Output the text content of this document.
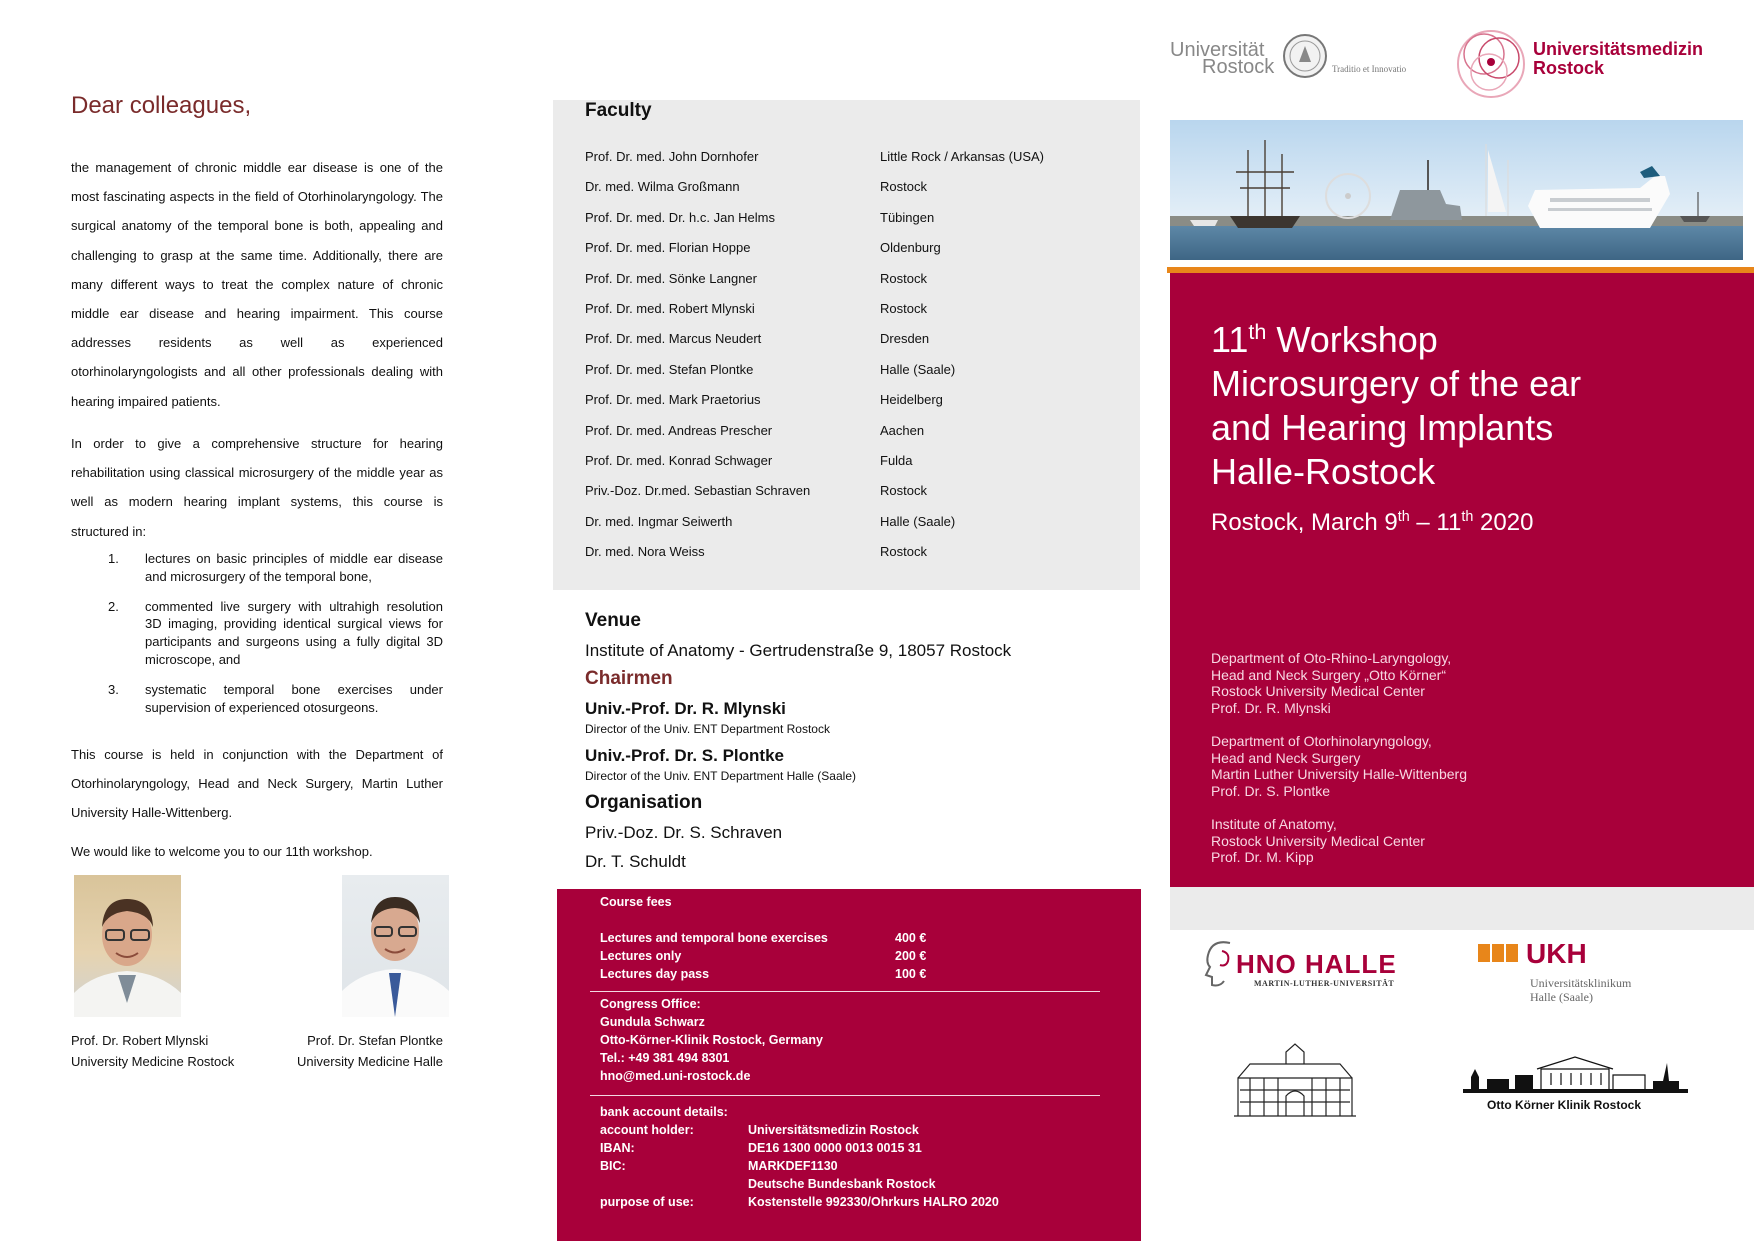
Dear colleagues,
the management of chronic middle ear disease is one of the most fascinating aspects in the field of Otorhinolaryngology. The surgical anatomy of the temporal bone is both, appealing and challenging to grasp at the same time. Additionally, there are many different ways to treat the complex nature of chronic middle ear disease and hearing impairment. This course addresses residents as well as experienced otorhinolaryngologists and all other professionals dealing with hearing impaired patients.
In order to give a comprehensive structure for hearing rehabilitation using classical microsurgery of the middle year as well as modern hearing implant systems, this course is structured in:
1.	lectures on basic principles of middle ear disease and microsurgery of the temporal bone,
2.	commented live surgery with ultrahigh resolution 3D imaging, providing identical surgical views for participants and surgeons using a fully digital 3D microscope, and
3.	systematic temporal bone exercises under supervision of experienced otosurgeons.
This course is held in conjunction with the Department of Otorhinolaryngology, Head and Neck Surgery, Martin Luther University Halle-Wittenberg.
We would like to welcome you to our 11th workshop.
Prof. Dr. Robert Mlynski
University Medicine Rostock
Prof. Dr. Stefan Plontke
University Medicine Halle
Faculty
Prof. Dr. med. John Dornhofer	Little Rock / Arkansas (USA)
Dr. med. Wilma Großmann	Rostock
Prof. Dr. med. Dr. h.c. Jan Helms	Tübingen
Prof. Dr. med. Florian Hoppe	Oldenburg
Prof. Dr. med. Sönke Langner	Rostock
Prof. Dr. med. Robert Mlynski	Rostock
Prof. Dr. med. Marcus Neudert	Dresden
Prof. Dr. med. Stefan Plontke	Halle (Saale)
Prof. Dr. med. Mark Praetorius	Heidelberg
Prof. Dr. med. Andreas Prescher	Aachen
Prof. Dr. med. Konrad Schwager	Fulda
Priv.-Doz. Dr.med. Sebastian Schraven	Rostock
Dr. med. Ingmar Seiwerth	Halle (Saale)
Dr. med. Nora Weiss	Rostock
Venue
Institute of Anatomy - Gertrudenstraße 9, 18057 Rostock
Chairmen
Univ.-Prof. Dr. R. Mlynski
Director of the Univ. ENT Department Rostock
Univ.-Prof. Dr. S. Plontke
Director of the Univ. ENT Department Halle (Saale)
Organisation
Priv.-Doz. Dr. S. Schraven
Dr. T. Schuldt
Course fees
Lectures and temporal bone exercises	400 €
Lectures only	200 €
Lectures day pass	100 €
Congress Office:
Gundula Schwarz
Otto-Körner-Klinik Rostock, Germany
Tel.: +49 381 494 8301
hno@med.uni-rostock.de
bank account details:
account holder:	Universitätsmedizin Rostock
IBAN:	DE16 1300 0000 0013 0015 31
BIC:	MARKDEF1130
Deutsche Bundesbank Rostock
purpose of use:	Kostenstelle 992330/Ohrkurs HALRO 2020
Universität
Rostock	Traditio et Innovatio
Universitätsmedizin
Rostock
11th Workshop
Microsurgery of the ear
and Hearing Implants
Halle-Rostock
Rostock, March 9th – 11th 2020
Department of Oto-Rhino-Laryngology,
Head and Neck Surgery „Otto Körner“
Rostock University Medical Center
Prof. Dr. R. Mlynski
Department of Otorhinolaryngology,
Head and Neck Surgery
Martin Luther University Halle-Wittenberg
Prof. Dr. S. Plontke
Institute of Anatomy,
Rostock University Medical Center
Prof. Dr. M. Kipp
HNO HALLE
MARTIN-LUTHER-UNIVERSITÄT
UKH
Universitätsklinikum
Halle (Saale)
Otto Körner Klinik Rostock
